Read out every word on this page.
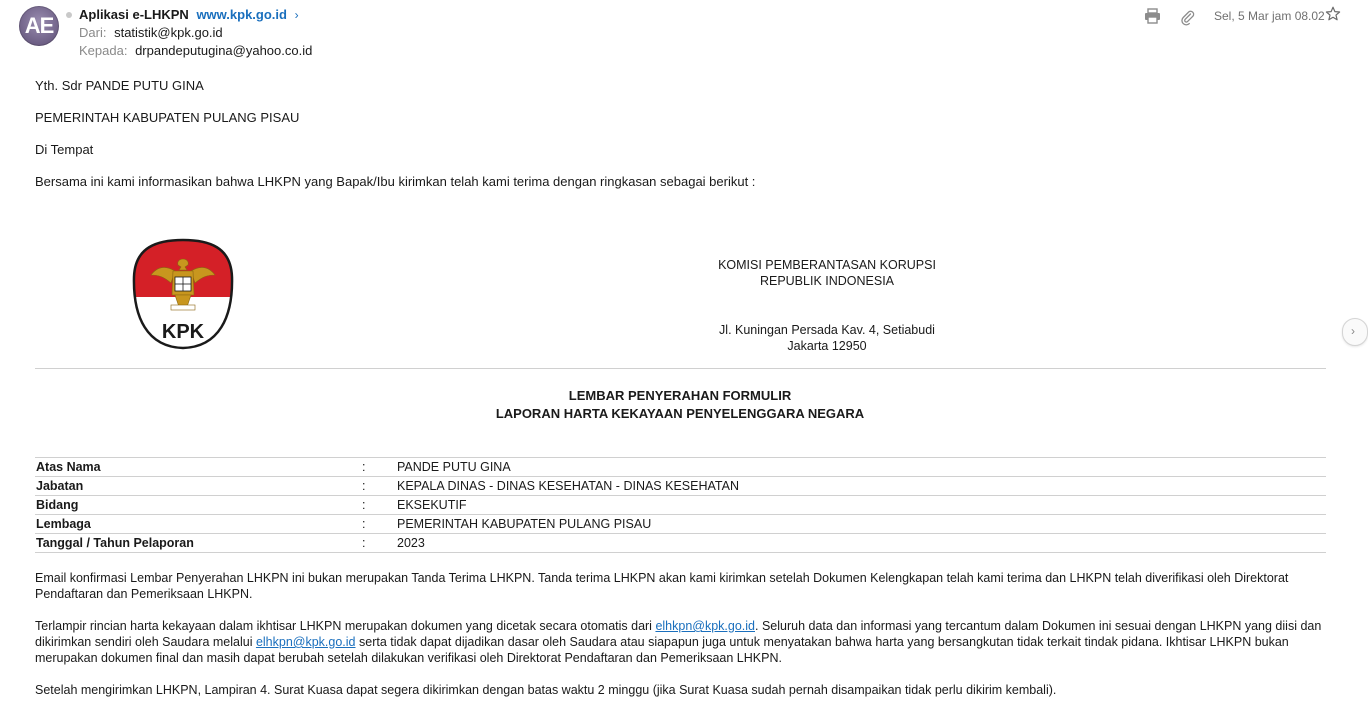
AE	Aplikasi e-LHKPN www.kpk.go.id ›
Dari: statistik@kpk.go.id
Kepada: drpandeputugina@yahoo.co.id
Sel, 5 Mar jam 08.02
›
Yth. Sdr PANDE PUTU GINA
PEMERINTAH KABUPATEN PULANG PISAU
Di Tempat
Bersama ini kami informasikan bahwa LHKPN yang Bapak/Ibu kirimkan telah kami terima dengan ringkasan sebagai berikut :
KPK
KOMISI PEMBERANTASAN KORUPSI
REPUBLIK INDONESIA
Jl. Kuningan Persada Kav. 4, Setiabudi
Jakarta 12950
LEMBAR PENYERAHAN FORMULIR
LAPORAN HARTA KEKAYAAN PENYELENGGARA NEGARA
Atas Nama	:	PANDE PUTU GINA
Jabatan	:	KEPALA DINAS - DINAS KESEHATAN - DINAS KESEHATAN
Bidang	:	EKSEKUTIF
Lembaga	:	PEMERINTAH KABUPATEN PULANG PISAU
Tanggal / Tahun Pelaporan	:	2023
Email konfirmasi Lembar Penyerahan LHKPN ini bukan merupakan Tanda Terima LHKPN. Tanda terima LHKPN akan kami kirimkan setelah Dokumen Kelengkapan telah kami terima dan LHKPN telah diverifikasi oleh Direktorat Pendaftaran dan Pemeriksaan LHKPN.
Terlampir rincian harta kekayaan dalam ikhtisar LHKPN merupakan dokumen yang dicetak secara otomatis dari elhkpn@kpk.go.id. Seluruh data dan informasi yang tercantum dalam Dokumen ini sesuai dengan LHKPN yang diisi dan dikirimkan sendiri oleh Saudara melalui elhkpn@kpk.go.id serta tidak dapat dijadikan dasar oleh Saudara atau siapapun juga untuk menyatakan bahwa harta yang bersangkutan tidak terkait tindak pidana. Ikhtisar LHKPN bukan merupakan dokumen final dan masih dapat berubah setelah dilakukan verifikasi oleh Direktorat Pendaftaran dan Pemeriksaan LHKPN.
Setelah mengirimkan LHKPN, Lampiran 4. Surat Kuasa dapat segera dikirimkan dengan batas waktu 2 minggu (jika Surat Kuasa sudah pernah disampaikan tidak perlu dikirim kembali).
